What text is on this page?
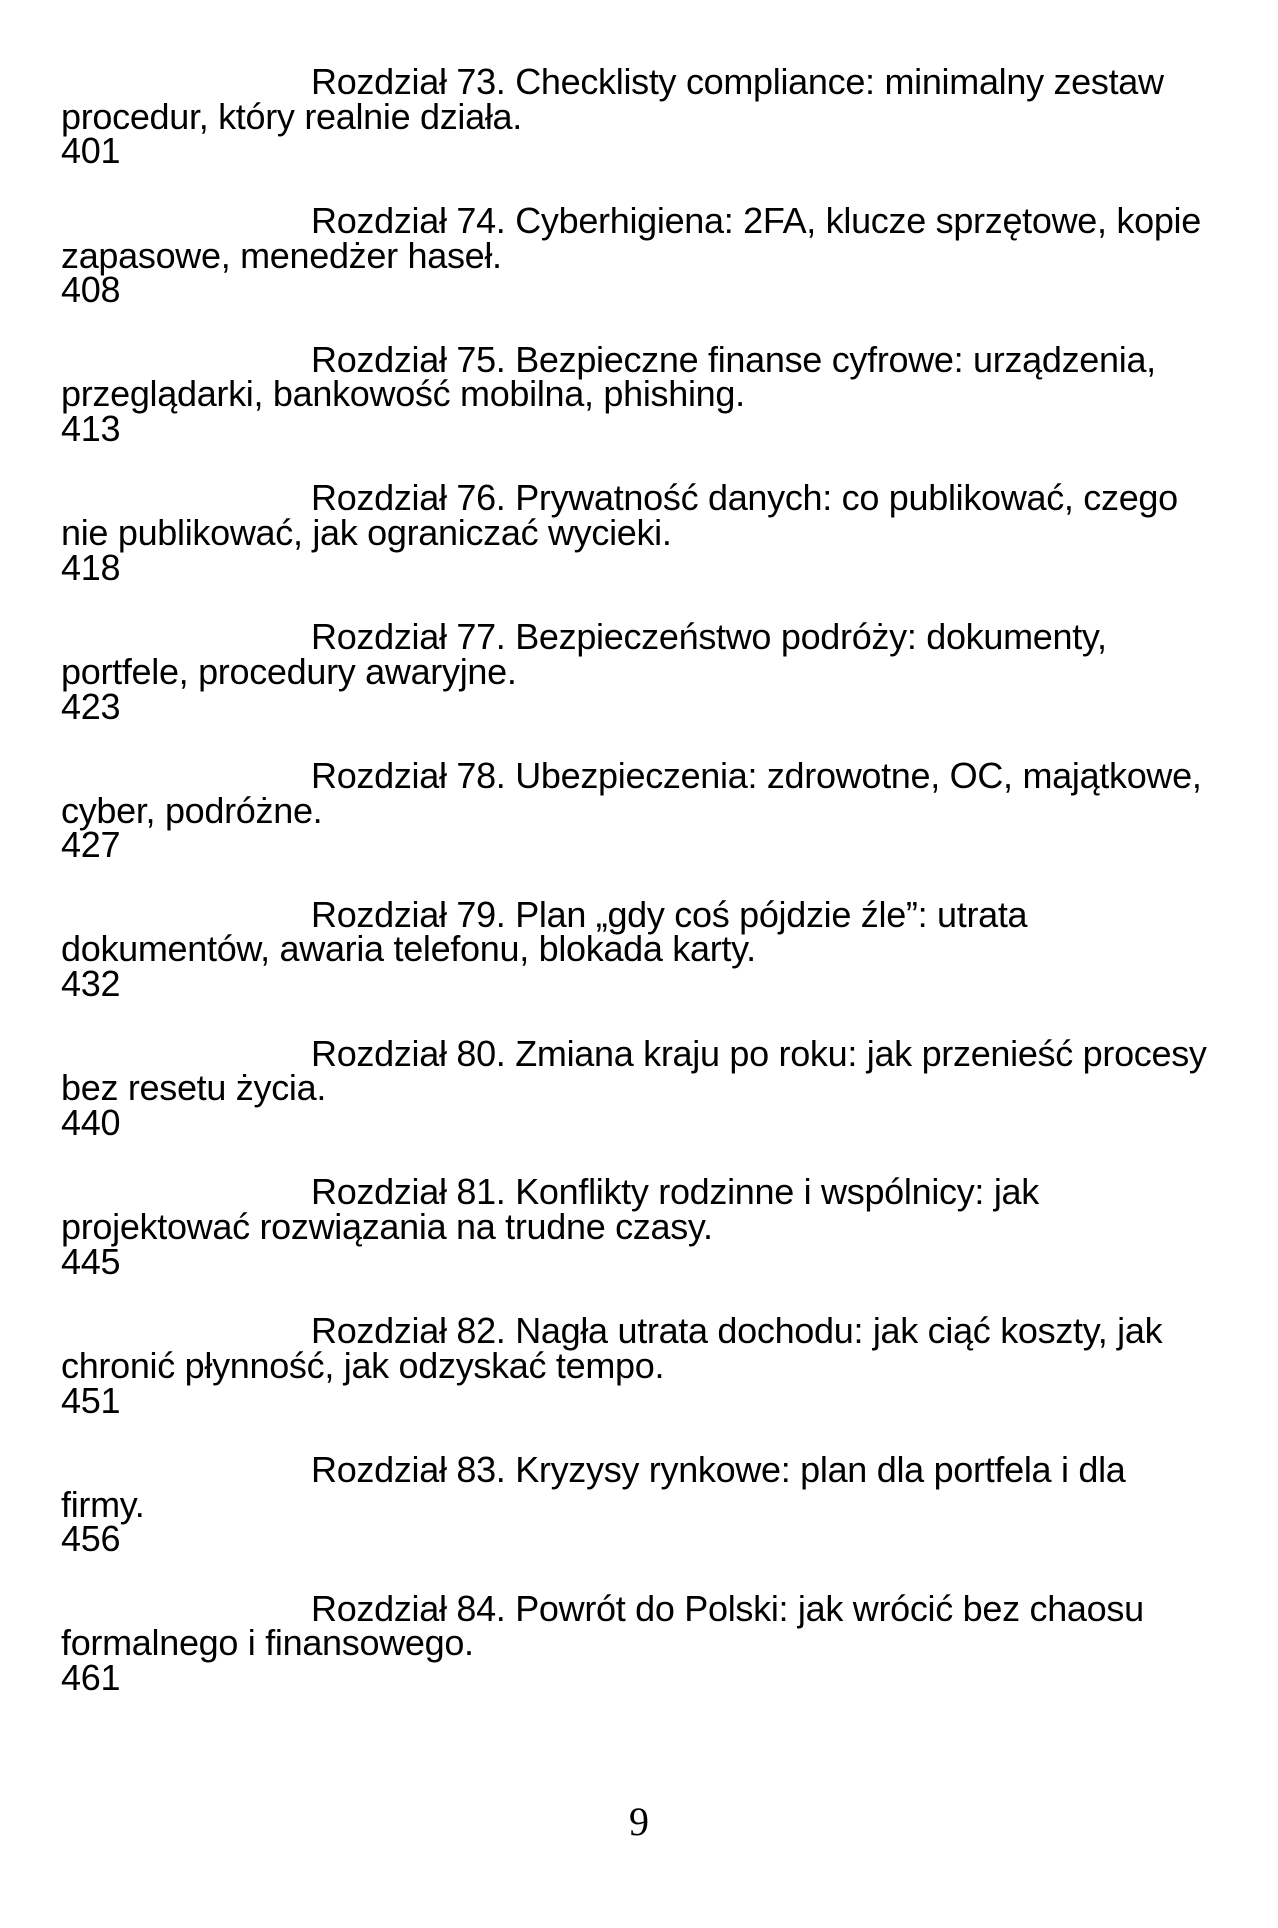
Rozdział 73. Checklisty compliance: minimalny zestaw
procedur, który realnie działa.

401

Rozdział 74. Cyberhigiena: 2FA, klucze sprzętowe, kopie
zapasowe, menedżer haseł.

408

Rozdział 75. Bezpieczne finanse cyfrowe: urządzenia,
przeglądarki, bankowość mobilna, phishing.

413

Rozdział 76. Prywatność danych: co publikować, czego
nie publikować, jak ograniczać wycieki.

418

Rozdział 77. Bezpieczeństwo podróży: dokumenty,
portfele, procedury awaryjne.

423

Rozdział 78. Ubezpieczenia: zdrowotne, OC, majątkowe,
cyber, podróżne.

427

Rozdział 79. Plan „gdy coś pójdzie źle”: utrata
dokumentów, awaria telefonu, blokada karty.

432

Rozdział 80. Zmiana kraju po roku: jak przenieść procesy
bez resetu życia.

440

Rozdział 81. Konflikty rodzinne i wspólnicy: jak
projektować rozwiązania na trudne czasy.

445

Rozdział 82. Nagła utrata dochodu: jak ciąć koszty, jak
chronić płynność, jak odzyskać tempo.

451

Rozdział 83. Kryzysy rynkowe: plan dla portfela i dla
firmy.

456

Rozdział 84. Powrót do Polski: jak wrócić bez chaosu
formalnego i finansowego.

461
9
